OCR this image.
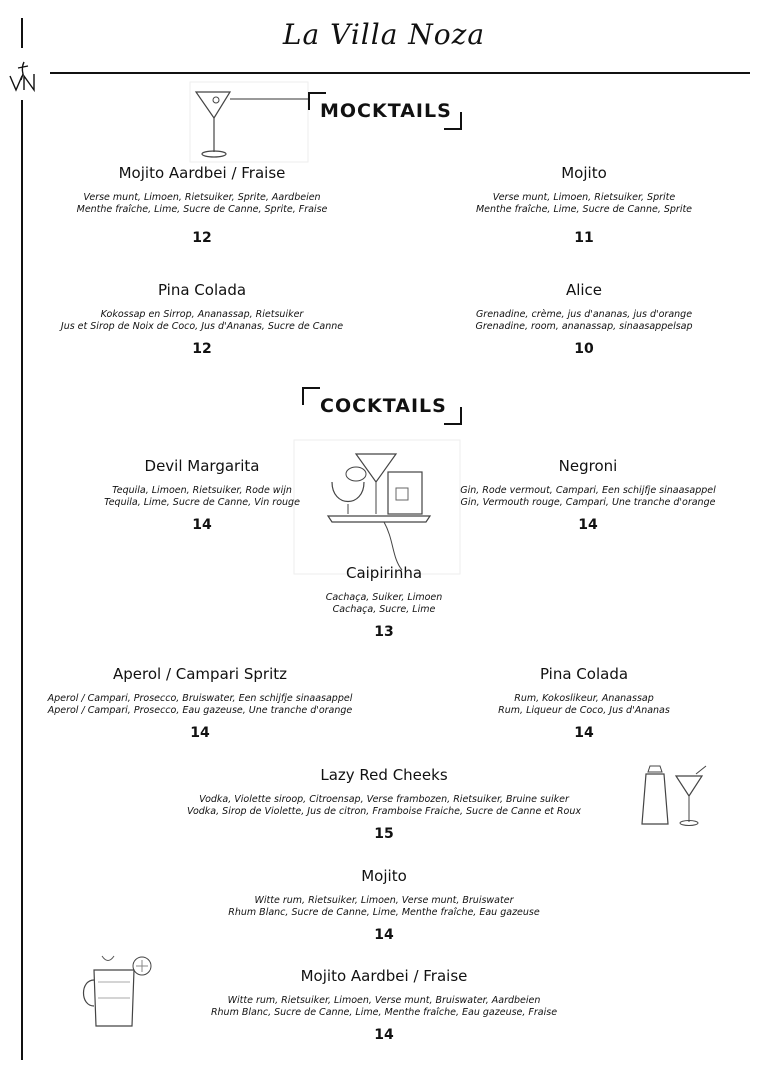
La Villa Noza
MOCKTAILS
Mojito Aardbei / Fraise
Verse munt, Limoen, Rietsuiker, Sprite, Aardbeien
Menthe fraîche, Lime, Sucre de Canne, Sprite, Fraise
12
Mojito
Verse munt, Limoen, Rietsuiker, Sprite
Menthe fraîche, Lime, Sucre de Canne, Sprite
11
Pina Colada
Kokossap en Sirrop, Ananassap, Rietsuiker
Jus et Sirop de Noix de Coco, Jus d'Ananas, Sucre de Canne
12
Alice
Grenadine, crème, jus d'ananas, jus d'orange
Grenadine, room, ananassap, sinaasappelsap
10
COCKTAILS
Devil Margarita
Tequila, Limoen, Rietsuiker, Rode wijn
Tequila, Lime, Sucre de Canne, Vin rouge
14
Negroni
Gin, Rode vermout, Campari, Een schijfje sinaasappel
Gin, Vermouth rouge, Campari, Une tranche d'orange
14
Caipirinha
Cachaça, Suiker, Limoen
Cachaça, Sucre, Lime
13
Aperol / Campari Spritz
Aperol / Campari, Prosecco, Bruiswater, Een schijfje sinaasappel
Aperol / Campari, Prosecco, Eau gazeuse, Une tranche d'orange
14
Pina Colada
Rum, Kokoslikeur, Ananassap
Rum, Liqueur de Coco, Jus d'Ananas
14
Lazy Red Cheeks
Vodka, Violette siroop, Citroensap, Verse frambozen, Rietsuiker, Bruine suiker
Vodka, Sirop de Violette, Jus de citron, Framboise Fraiche, Sucre de Canne et Roux
15
Mojito
Witte rum, Rietsuiker, Limoen, Verse munt, Bruiswater
Rhum Blanc, Sucre de Canne, Lime, Menthe fraîche, Eau gazeuse
14
Mojito Aardbei / Fraise
Witte rum, Rietsuiker, Limoen, Verse munt, Bruiswater, Aardbeien
Rhum Blanc, Sucre de Canne, Lime, Menthe fraîche, Eau gazeuse, Fraise
14
